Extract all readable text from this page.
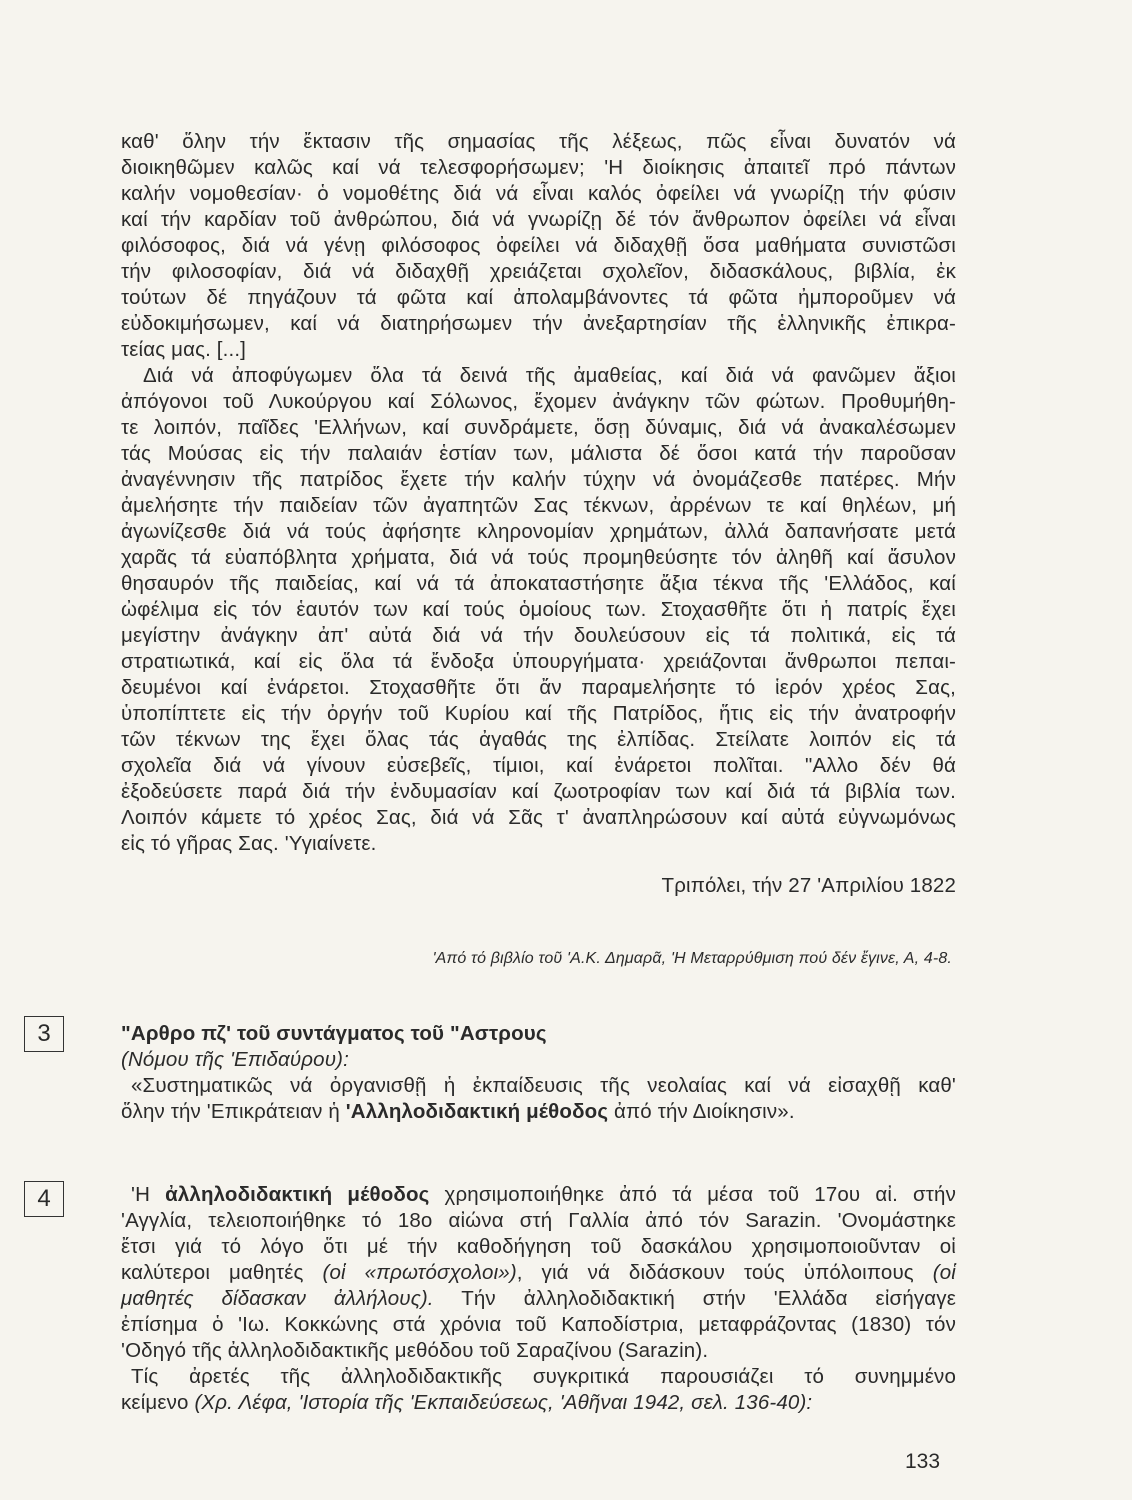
καθ' ὅλην τήν ἔκτασιν τῆς σημασίας τῆς λέξεως, πῶς εἶναι δυνατόν νά
διοικηθῶμεν καλῶς καί νά τελεσφορήσωμεν; 'Η διοίκησις ἀπαιτεῖ πρό πάντων
καλήν νομοθεσίαν· ὁ νομοθέτης διά νά εἶναι καλός ὀφείλει νά γνωρίζῃ τήν φύσιν
καί τήν καρδίαν τοῦ ἀνθρώπου, διά νά γνωρίζῃ δέ τόν ἄνθρωπον ὀφείλει νά εἶναι
φιλόσοφος, διά νά γένῃ φιλόσοφος ὀφείλει νά διδαχθῇ ὅσα μαθήματα συνιστῶσι
τήν φιλοσοφίαν, διά νά διδαχθῇ χρειάζεται σχολεῖον, διδασκάλους, βιβλία, ἐκ
τούτων δέ πηγάζουν τά φῶτα καί ἀπολαμβάνοντες τά φῶτα ἠμποροῦμεν νά
εὐδοκιμήσωμεν, καί νά διατηρήσωμεν τήν ἀνεξαρτησίαν τῆς ἑλληνικῆς ἐπικρα-
τείας μας. [...]
Διά νά ἀποφύγωμεν ὅλα τά δεινά τῆς ἀμαθείας, καί διά νά φανῶμεν ἄξιοι
ἀπόγονοι τοῦ Λυκούργου καί Σόλωνος, ἔχομεν ἀνάγκην τῶν φώτων. Προθυμήθη-
τε λοιπόν, παῖδες 'Ελλήνων, καί συνδράμετε, ὅσῃ δύναμις, διά νά ἀνακαλέσωμεν
τάς Μούσας εἰς τήν παλαιάν ἑστίαν των, μάλιστα δέ ὅσοι κατά τήν παροῦσαν
ἀναγέννησιν τῆς πατρίδος ἔχετε τήν καλήν τύχην νά ὀνομάζεσθε πατέρες. Μήν
ἀμελήσητε τήν παιδείαν τῶν ἀγαπητῶν Σας τέκνων, ἀρρένων τε καί θηλέων, μή
ἀγωνίζεσθε διά νά τούς ἀφήσητε κληρονομίαν χρημάτων, ἀλλά δαπανήσατε μετά
χαρᾶς τά εὐαπόβλητα χρήματα, διά νά τούς προμηθεύσητε τόν ἀληθῆ καί ἄσυλον
θησαυρόν τῆς παιδείας, καί νά τά ἀποκαταστήσητε ἄξια τέκνα τῆς 'Ελλάδος, καί
ὠφέλιμα εἰς τόν ἑαυτόν των καί τούς ὁμοίους των. Στοχασθῆτε ὅτι ἡ πατρίς ἔχει
μεγίστην ἀνάγκην ἀπ' αὐτά διά νά τήν δουλεύσουν εἰς τά πολιτικά, εἰς τά
στρατιωτικά, καί εἰς ὅλα τά ἔνδοξα ὑπουργήματα· χρειάζονται ἄνθρωποι πεπαι-
δευμένοι καί ἐνάρετοι. Στοχασθῆτε ὅτι ἄν παραμελήσητε τό ἱερόν χρέος Σας,
ὑποπίπτετε εἰς τήν ὀργήν τοῦ Κυρίου καί τῆς Πατρίδος, ἥτις εἰς τήν ἀνατροφήν
τῶν τέκνων της ἔχει ὅλας τάς ἀγαθάς της ἐλπίδας. Στείλατε λοιπόν εἰς τά
σχολεῖα διά νά γίνουν εὐσεβεῖς, τίμιοι, καί ἐνάρετοι πολῖται. "Αλλο δέν θά
ἐξοδεύσετε παρά διά τήν ἐνδυμασίαν καί ζωοτροφίαν των καί διά τά βιβλία των.
Λοιπόν κάμετε τό χρέος Σας, διά νά Σᾶς τ' ἀναπληρώσουν καί αὐτά εὐγνωμόνως
εἰς τό γῆρας Σας. 'Υγιαίνετε.
Τριπόλει, τήν 27 'Απριλίου 1822
'Από τό βιβλίο τοῦ 'Α.Κ. Δημαρᾶ, 'Η Μεταρρύθμιση πού δέν ἔγινε, Α, 4-8.
3	"Αρθρο πζ' τοῦ συντάγματος τοῦ "Αστρους
(Νόμου τῆς 'Επιδαύρου):
«Συστηματικῶς νά ὀργανισθῇ ἡ ἐκπαίδευσις τῆς νεολαίας καί νά εἰσαχθῇ καθ'
ὅλην τήν 'Επικράτειαν ἡ 'Αλληλοδιδακτική μέθοδος ἀπό τήν Διοίκησιν».
4	'Η ἀλληλοδιδακτική μέθοδος χρησιμοποιήθηκε ἀπό τά μέσα τοῦ 17ου αἰ. στήν
'Αγγλία, τελειοποιήθηκε τό 18ο αἰώνα στή Γαλλία ἀπό τόν Sarazin. 'Ονομάστηκε
ἔτσι γιά τό λόγο ὅτι μέ τήν καθοδήγηση τοῦ δασκάλου χρησιμοποιοῦνταν οἱ
καλύτεροι μαθητές (οἱ «πρωτόσχολοι»), γιά νά διδάσκουν τούς ὑπόλοιπους (οἱ
μαθητές δίδασκαν ἀλλήλους). Τήν ἀλληλοδιδακτική στήν 'Ελλάδα εἰσήγαγε
ἐπίσημα ὁ 'Ιω. Κοκκώνης στά χρόνια τοῦ Καποδίστρια, μεταφράζοντας (1830) τόν
'Οδηγό τῆς ἀλληλοδιδακτικῆς μεθόδου τοῦ Σαραζίνου (Sarazin).
Τίς ἀρετές τῆς ἀλληλοδιδακτικῆς συγκριτικά παρουσιάζει τό συνημμένο
κείμενο (Χρ. Λέφα, 'Ιστορία τῆς 'Εκπαιδεύσεως, 'Αθῆναι 1942, σελ. 136-40):
133
